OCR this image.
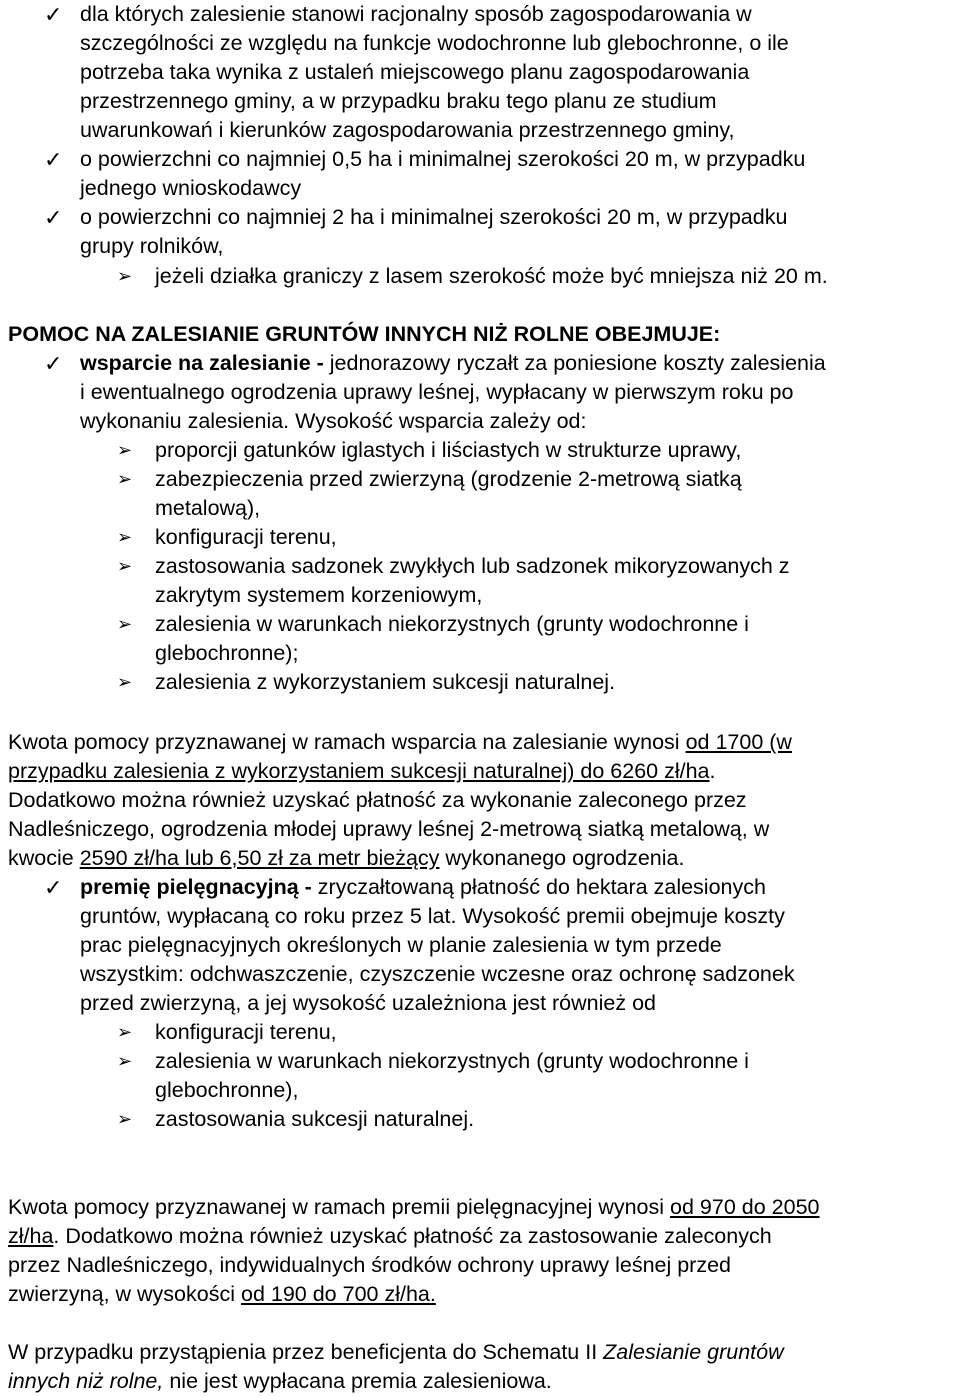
✓ dla których zalesienie stanowi racjonalny sposób zagospodarowania w
szczególności ze względu na funkcje wodochronne lub glebochronne, o ile
potrzeba taka wynika z ustaleń miejscowego planu zagospodarowania
przestrzennego gminy, a w przypadku braku tego planu ze studium
uwarunkowań i kierunków zagospodarowania przestrzennego gminy,
✓ o powierzchni co najmniej 0,5 ha i minimalnej szerokości 20 m, w przypadku
jednego wnioskodawcy
✓ o powierzchni co najmniej 2 ha i minimalnej szerokości 20 m, w przypadku
grupy rolników,
➢ jeżeli działka graniczy z lasem szerokość może być mniejsza niż 20 m.
POMOC NA ZALESIANIE GRUNTÓW INNYCH NIŻ ROLNE OBEJMUJE:
✓ wsparcie na zalesianie - jednorazowy ryczałt za poniesione koszty zalesienia
i ewentualnego ogrodzenia uprawy leśnej, wypłacany w pierwszym roku po
wykonaniu zalesienia. Wysokość wsparcia zależy od:
➢ proporcji gatunków iglastych i liściastych w strukturze uprawy,
➢ zabezpieczenia przed zwierzyną (grodzenie 2-metrową siatką
metalową),
➢ konfiguracji terenu,
➢ zastosowania sadzonek zwykłych lub sadzonek mikoryzowanych z
zakrytym systemem korzeniowym,
➢ zalesienia w warunkach niekorzystnych (grunty wodochronne i
glebochronne);
➢ zalesienia z wykorzystaniem sukcesji naturalnej.
Kwota pomocy przyznawanej w ramach wsparcia na zalesianie wynosi od 1700 (w
przypadku zalesienia z wykorzystaniem sukcesji naturalnej) do 6260 zł/ha.
Dodatkowo można również uzyskać płatność za wykonanie zaleconego przez
Nadleśniczego, ogrodzenia młodej uprawy leśnej 2-metrową siatką metalową, w
kwocie 2590 zł/ha lub 6,50 zł za metr bieżący wykonanego ogrodzenia.
✓ premię pielęgnacyjną - zryczałtowaną płatność do hektara zalesionych
gruntów, wypłacaną co roku przez 5 lat. Wysokość premii obejmuje koszty
prac pielęgnacyjnych określonych w planie zalesienia w tym przede
wszystkim: odchwaszczenie, czyszczenie wczesne oraz ochronę sadzonek
przed zwierzyną, a jej wysokość uzależniona jest również od
➢ konfiguracji terenu,
➢ zalesienia w warunkach niekorzystnych (grunty wodochronne i
glebochronne),
➢ zastosowania sukcesji naturalnej.
Kwota pomocy przyznawanej w ramach premii pielęgnacyjnej wynosi od 970 do 2050
zł/ha. Dodatkowo można również uzyskać płatność za zastosowanie zaleconych
przez Nadleśniczego, indywidualnych środków ochrony uprawy leśnej przed
zwierzyną, w wysokości od 190 do 700 zł/ha.
W przypadku przystąpienia przez beneficjenta do Schematu II Zalesianie gruntów
innych niż rolne, nie jest wypłacana premia zalesieniowa.
